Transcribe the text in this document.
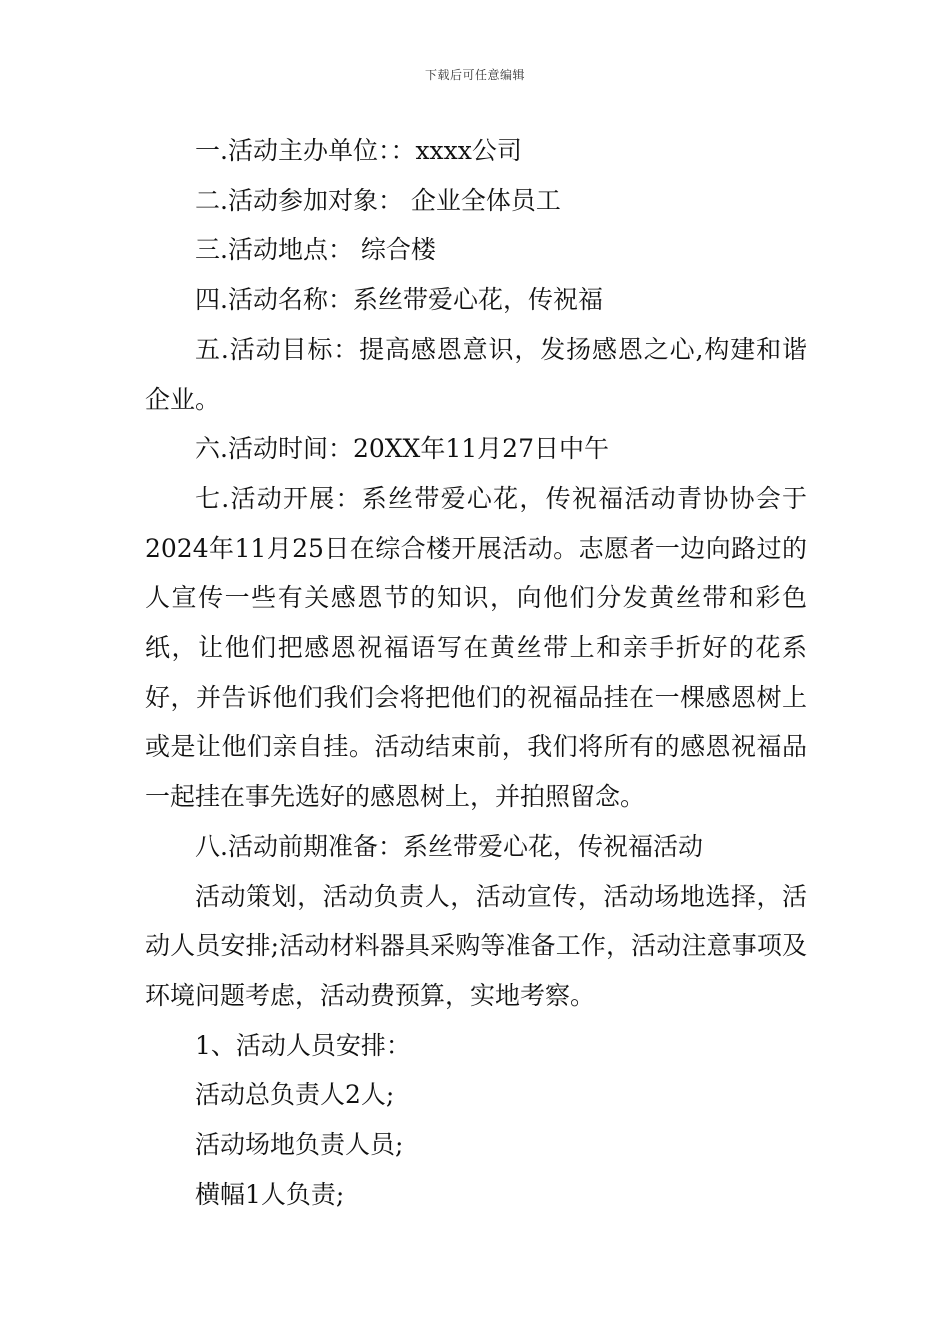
下载后可任意编辑

一.活动主办单位：：xxxx公司

二.活动参加对象： 企业全体员工

三.活动地点： 综合楼

四.活动名称：系丝带爱心花，传祝福

五.活动目标：提高感恩意识，发扬感恩之心,构建和谐企业。

六.活动时间：20XX年11月27日中午

七.活动开展：系丝带爱心花，传祝福活动青协协会于2024年11月25日在综合楼开展活动。志愿者一边向路过的人宣传一些有关感恩节的知识，向他们分发黄丝带和彩色纸，让他们把感恩祝福语写在黄丝带上和亲手折好的花系好，并告诉他们我们会将把他们的祝福品挂在一棵感恩树上或是让他们亲自挂。活动结束前，我们将所有的感恩祝福品一起挂在事先选好的感恩树上，并拍照留念。

八.活动前期准备：系丝带爱心花，传祝福活动

活动策划，活动负责人，活动宣传，活动场地选择，活动人员安排;活动材料器具采购等准备工作，活动注意事项及环境问题考虑，活动费预算，实地考察。

1、活动人员安排：

活动总负责人2人;

活动场地负责人员;

横幅1人负责;
